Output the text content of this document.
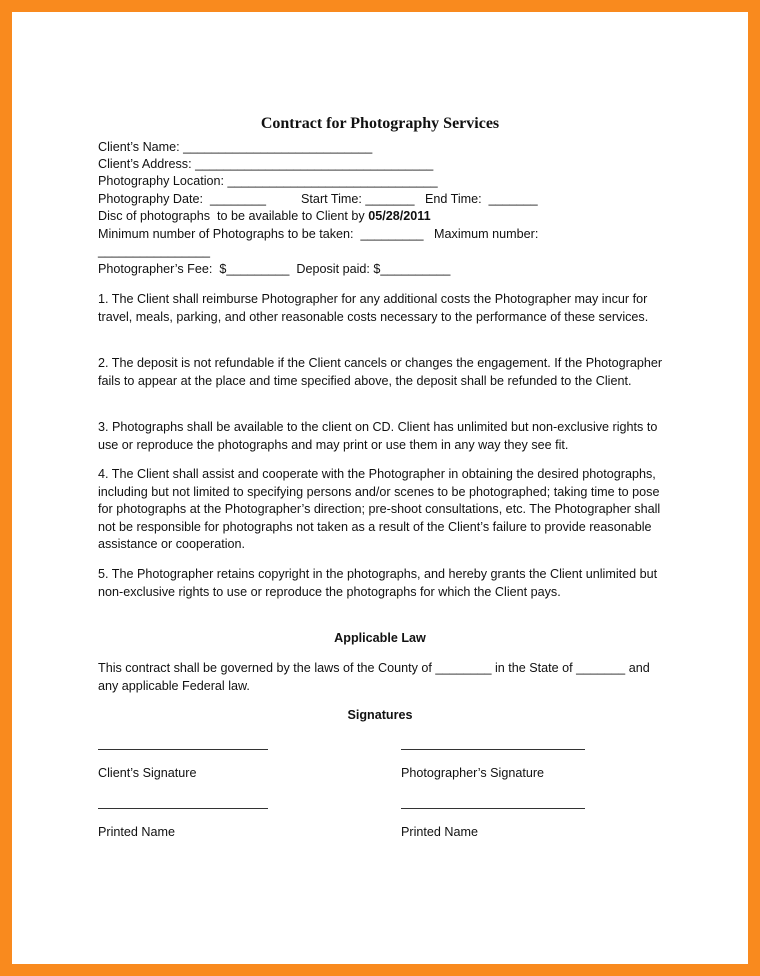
Contract for Photography Services
Client’s Name: ___________________________
Client’s Address: __________________________________
Photography Location: ______________________________
Photography Date:  ________          Start Time: _______   End Time:  _______
Disc of photographs  to be available to Client by 05/28/2011
Minimum number of Photographs to be taken:  _________   Maximum number:
________________
Photographer’s Fee:  $_________  Deposit paid: $__________

1. The Client shall reimburse Photographer for any additional costs the Photographer may incur for travel, meals, parking, and other reasonable costs necessary to the performance of these services.

2. The deposit is not refundable if the Client cancels or changes the engagement. If the Photographer fails to appear at the place and time specified above, the deposit shall be refunded to the Client.

3. Photographs shall be available to the client on CD. Client has unlimited but non-exclusive rights to use or reproduce the photographs and may print or use them in any way they see fit.

4. The Client shall assist and cooperate with the Photographer in obtaining the desired photographs, including but not limited to specifying persons and/or scenes to be photographed; taking time to pose for photographs at the Photographer’s direction; pre-shoot consultations, etc. The Photographer shall not be responsible for photographs not taken as a result of the Client’s failure to provide reasonable assistance or cooperation.

5. The Photographer retains copyright in the photographs, and hereby grants the Client unlimited but non-exclusive rights to use or reproduce the photographs for which the Client pays.

Applicable Law

This contract shall be governed by the laws of the County of ________ in the State of _______ and any applicable Federal law.

Signatures
Client’s Signature	Photographer’s Signature
Printed Name	Printed Name
